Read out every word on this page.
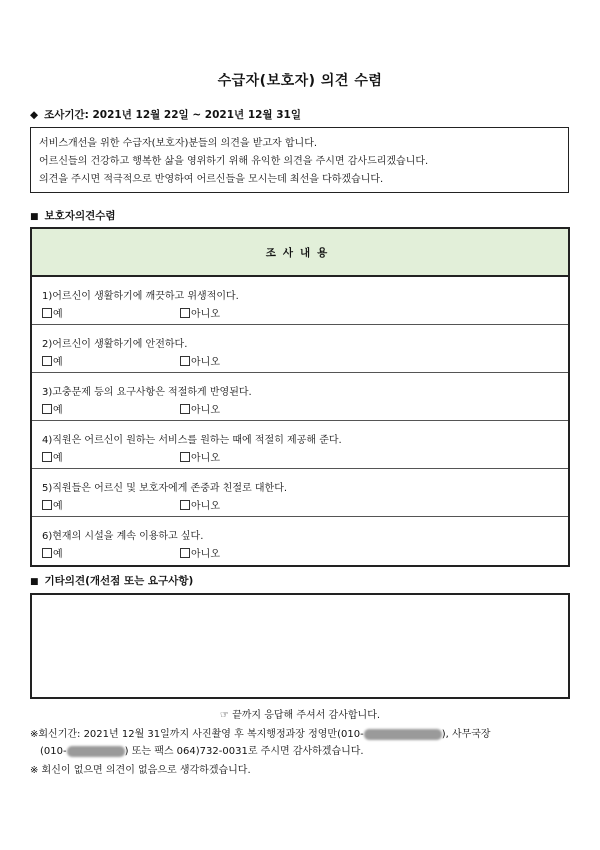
수급자(보호자) 의견 수렴
◆ 조사기간: 2021년 12월 22일 ~ 2021년 12월 31일
서비스개선을 위한 수급자(보호자)분들의 의견을 받고자 합니다.
어르신들의 건강하고 행복한 삶을 영위하기 위해 유익한 의견을 주시면 감사드리겠습니다.
의견을 주시면 적극적으로 반영하여 어르신들을 모시는데 최선을 다하겠습니다.
■ 보호자의견수렴
조사내용
1)어르신이 생활하기에 깨끗하고 위생적이다.
예	아니오
2)어르신이 생활하기에 안전하다.
예	아니오
3)고충문제 등의 요구사항은 적절하게 반영된다.
예	아니오
4)직원은 어르신이 원하는 서비스를 원하는 때에 적절히 제공해 준다.
예	아니오
5)직원들은 어르신 및 보호자에게 존중과 친절로 대한다.
예	아니오
6)현재의 시설을 계속 이용하고 싶다.
예	아니오
■ 기타의견(개선점 또는 요구사항)
☞ 끝까지 응답해 주셔서 감사합니다.
※회신기간: 2021년 12월 31일까지 사진촬영 후 복지행정과장 정영만(010-	), 사무국장
(010-	) 또는 팩스 064)732-0031로 주시면 감사하겠습니다.
※ 회신이 없으면 의견이 없음으로 생각하겠습니다.
